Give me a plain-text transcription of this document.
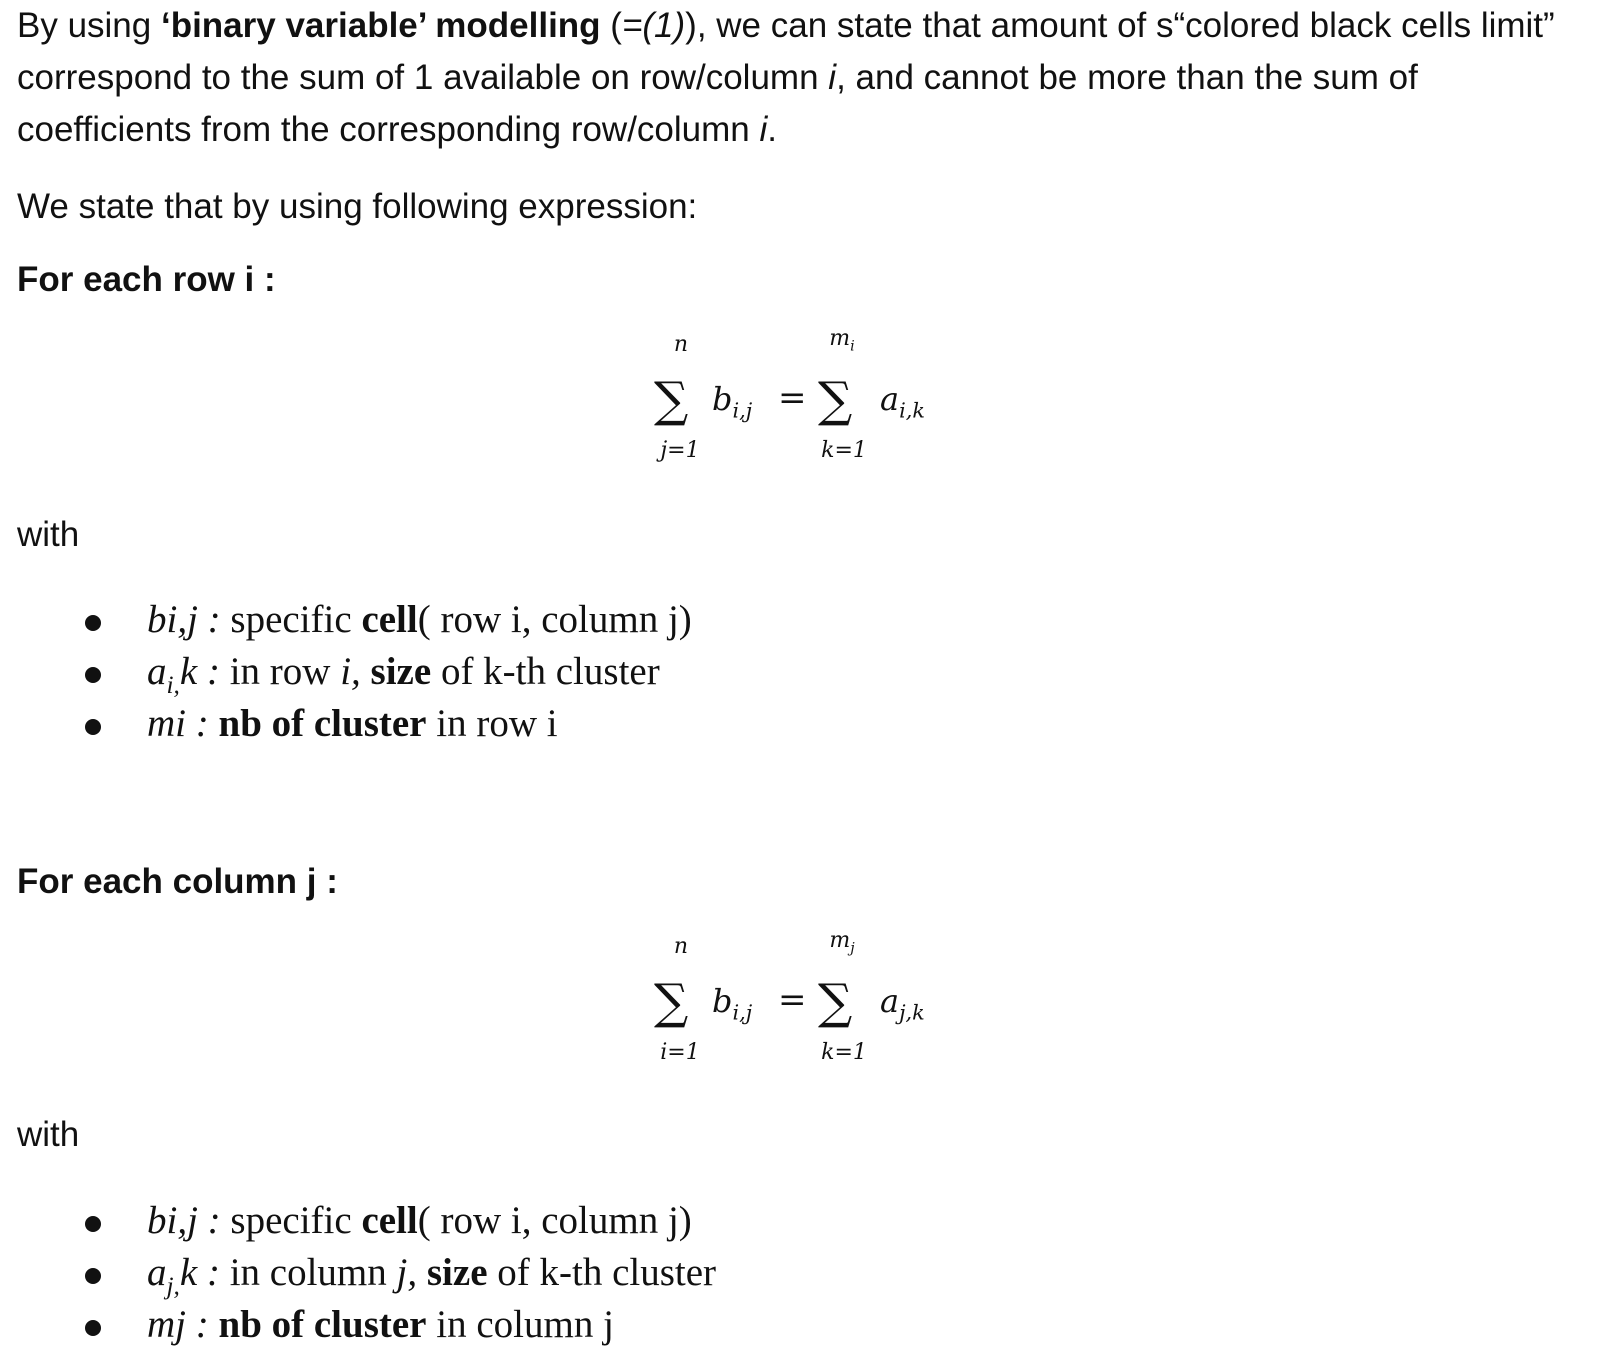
By using ‘binary variable’ modelling (=(1)), we can state that amount of s“colored black cells limit”
correspond to the sum of 1 available on row/column i, and cannot be more than the sum of
coefficients from the corresponding row/column i.

We state that by using following expression:

For each row i :

n
∑
j=1
$b_{i,j}$ =
$m_i$
∑
k=1
$a_{i,k}$

with

bi,j : specific cell( row i, column j)
$a_{i,}k$ : in row i, size of k-th cluster
mi : nb of cluster in row i

For each column j :

n
∑
i=1
$b_{i,j}$ =
$m_j$
∑
k=1
$a_{j,k}$

with

bi,j : specific cell( row i, column j)
$a_{j,}k$ : in column j, size of k-th cluster
mj : nb of cluster in column j
